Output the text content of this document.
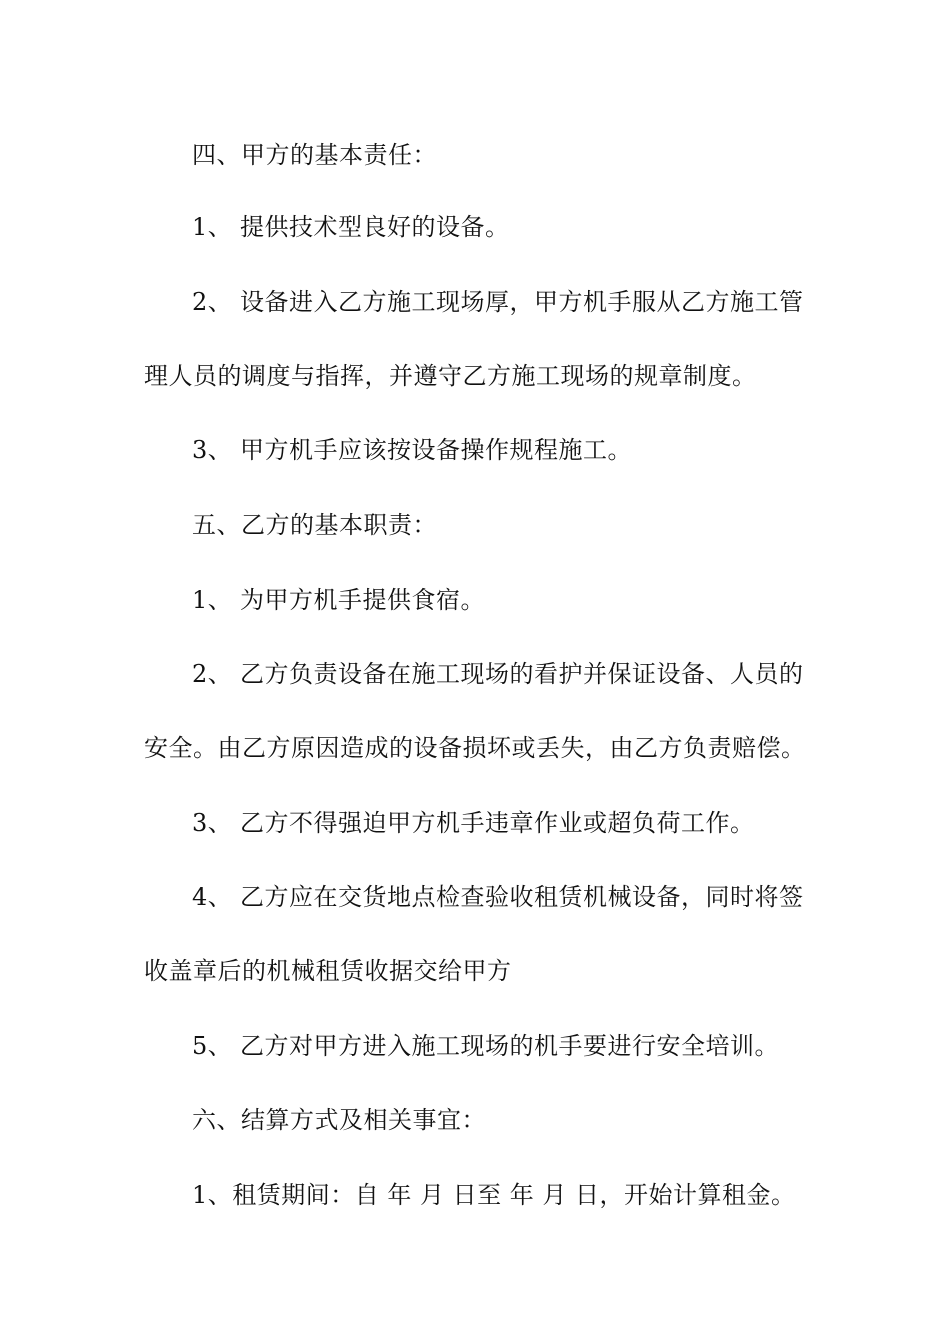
四、甲方的基本责任：
1、 提供技术型良好的设备。
2、 设备进入乙方施工现场厚，甲方机手服从乙方施工管
理人员的调度与指挥，并遵守乙方施工现场的规章制度。
3、 甲方机手应该按设备操作规程施工。
五、乙方的基本职责：
1、 为甲方机手提供食宿。
2、 乙方负责设备在施工现场的看护并保证设备、人员的
安全。由乙方原因造成的设备损坏或丢失，由乙方负责赔偿。
3、 乙方不得强迫甲方机手违章作业或超负荷工作。
4、 乙方应在交货地点检查验收租赁机械设备，同时将签
收盖章后的机械租赁收据交给甲方
5、 乙方对甲方进入施工现场的机手要进行安全培训。
六、结算方式及相关事宜：
1、租赁期间：自 年 月 日至 年 月 日，开始计算租金。
